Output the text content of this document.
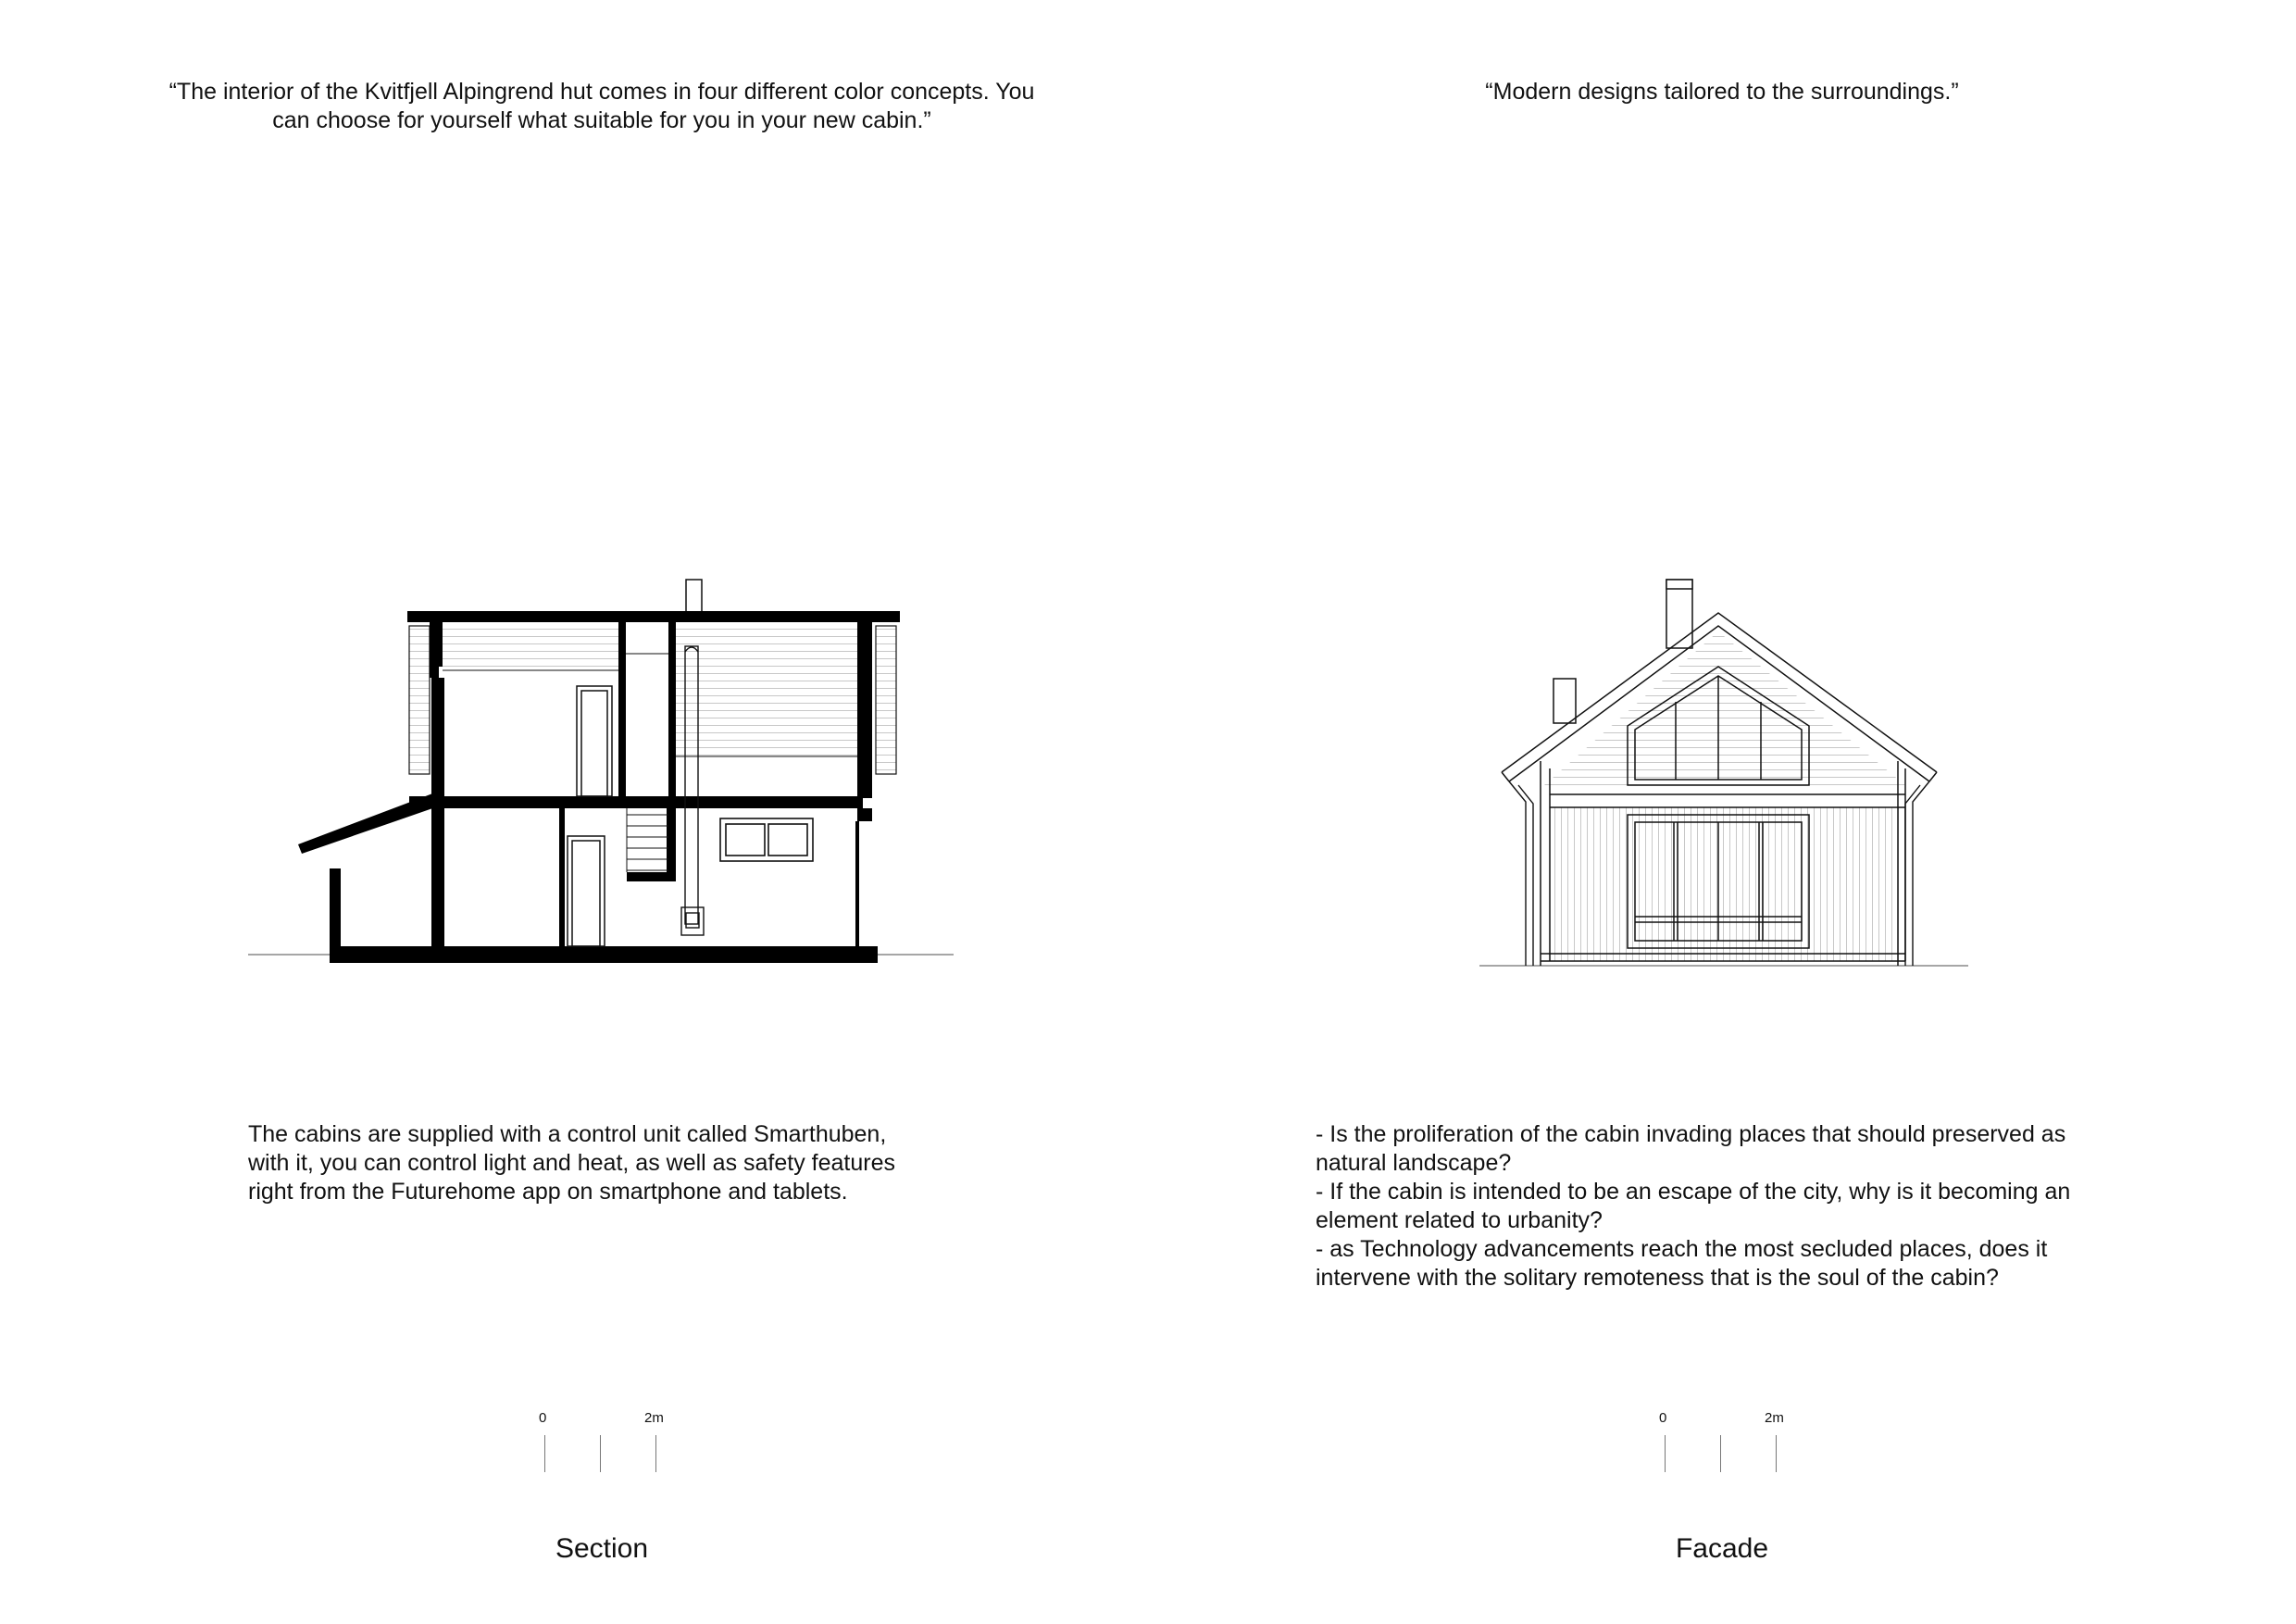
“The interior of the Kvitfjell Alpingrend hut comes in four different color concepts. You
can choose for yourself what suitable for you in your new cabin.”

“Modern designs tailored to the surroundings.”

The cabins are supplied with a control unit called Smarthuben,
with it, you can control light and heat, as well as safety features
right from the Futurehome app on smartphone and tablets.

- Is the proliferation of the cabin invading places that should preserved as
natural landscape?
- If the cabin is intended to be an escape of the city, why is it becoming an
element related to urbanity?
- as Technology advancements reach the most secluded places, does it
intervene with the solitary remoteness that is the soul of the cabin?

0	2m	0	2m

Section	Facade
